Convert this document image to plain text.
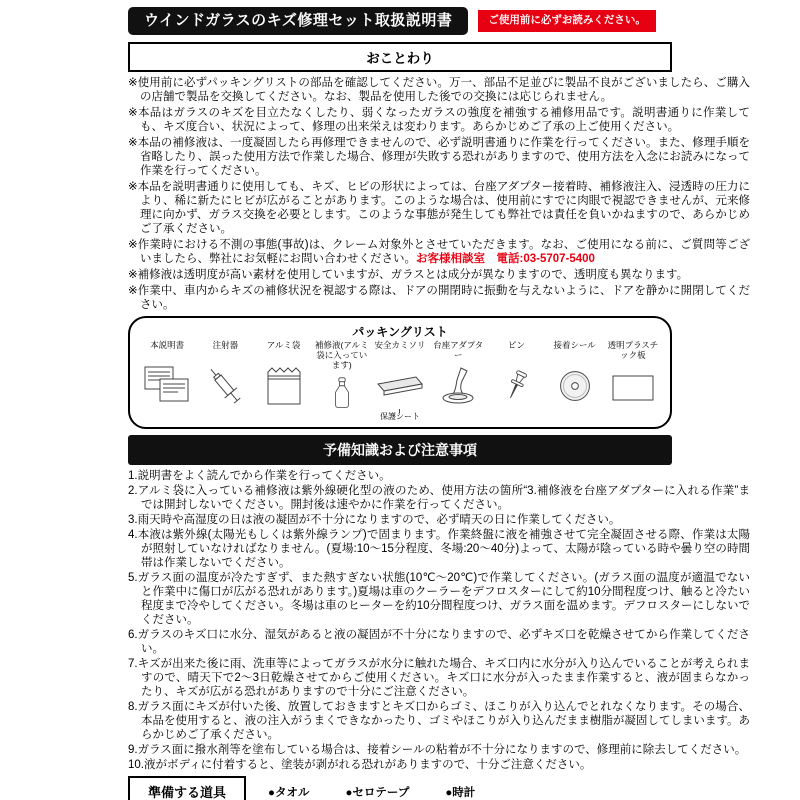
ウインドガラスのキズ修理セット取扱説明書	ご使用前に必ずお読みください。
おことわり

※使用前に必ずパッキングリストの部品を確認してください。万一、部品不足並びに製品不良がございましたら、ご購入の店舗で製品を交換してください。なお、製品を使用した後での交換には応じられません。

※本品はガラスのキズを目立たなくしたり、弱くなったガラスの強度を補強する補修用品です。説明書通りに作業しても、キズ度合い、状況によって、修理の出来栄えは変わります。あらかじめご了承の上ご使用ください。

※本品の補修液は、一度凝固したら再修理できませんので、必ず説明書通りに作業を行ってください。また、修理手順を省略したり、誤った使用方法で作業した場合、修理が失敗する恐れがありますので、使用方法を入念にお読みになって作業を行ってください。

※本品を説明書通りに使用しても、キズ、ヒビの形状によっては、台座アダプター接着時、補修液注入、浸透時の圧力により、稀に新たにヒビが広がることがあります。このような場合は、使用前にすでに肉眼で視認できませんが、元来修理に向かず、ガラス交換を必要とします。このような事態が発生しても弊社では責任を負いかねますので、あらかじめご了承ください。

※作業時における不測の事態(事故)は、クレーム対象外とさせていただきます。なお、ご使用になる前に、ご質問等ございましたら、弊社にお気軽にお問い合わせください。お客様相談室　電話:03-5707-5400

※補修液は透明度が高い素材を使用していますが、ガラスとは成分が異なりますので、透明度も異なります。

※作業中、車内からキズの補修状況を視認する際は、ドアの開閉時に振動を与えないように、ドアを静かに開閉してください。

パッキングリスト
本説明書	注射器	アルミ袋 補修液(アルミ袋に入っています)
安全カミソリ
保護シート
台座アダプター
ピン	接着シール	透明プラスチック板
予備知識および注意事項

1.説明書をよく読んでから作業を行ってください。

2.アルミ袋に入っている補修液は紫外線硬化型の液のため、使用方法の箇所“3.補修液を台座アダプターに入れる作業”までは開封しないでください。開封後は速やかに作業を行ってください。

3.雨天時や高湿度の日は液の凝固が不十分になりますので、必ず晴天の日に作業してください。

4.本液は紫外線(太陽光もしくは紫外線ランプ)で固まります。作業終盤に液を補強させて完全凝固させる際、作業は太陽が照射していなければなりません。(夏場:10〜15分程度、冬場:20〜40分)よって、太陽が陰っている時や曇り空の時間帯は作業しないでください。

5.ガラス面の温度が冷たすぎず、また熱すぎない状態(10℃〜20℃)で作業してください。(ガラス面の温度が適温でないと作業中に傷口が広がる恐れがあります。)夏場は車のクーラーをデフロスターにして約10分間程度つけ、触ると冷たい程度まで冷やしてください。冬場は車のヒーターを約10分間程度つけ、ガラス面を温めます。デフロスターにしないでください。

6.ガラスのキズ口に水分、湿気があると液の凝固が不十分になりますので、必ずキズ口を乾燥させてから作業してください。

7.キズが出来た後に雨、洗車等によってガラスが水分に触れた場合、キズ口内に水分が入り込んでいることが考えられますので、晴天下で2〜3日乾燥させてからご使用ください。キズ口に水分が入ったまま作業すると、液が固まらなかったり、キズが広がる恐れがありますので十分にご注意ください。

8.ガラス面にキズが付いた後、放置しておきますとキズ口からゴミ、ほこりが入り込んでとれなくなります。その場合、本品を使用すると、液の注入がうまくできなかったり、ゴミやほこりが入り込んだまま樹脂が凝固してしまいます。あらかじめご了承ください。

9.ガラス面に撥水剤等を塗布している場合は、接着シールの粘着が不十分になりますので、修理前に除去してください。

10.液がボディに付着すると、塗装が剥がれる恐れがありますので、十分ご注意ください。

準備する道具	●タオル	●セロテープ	●時計
